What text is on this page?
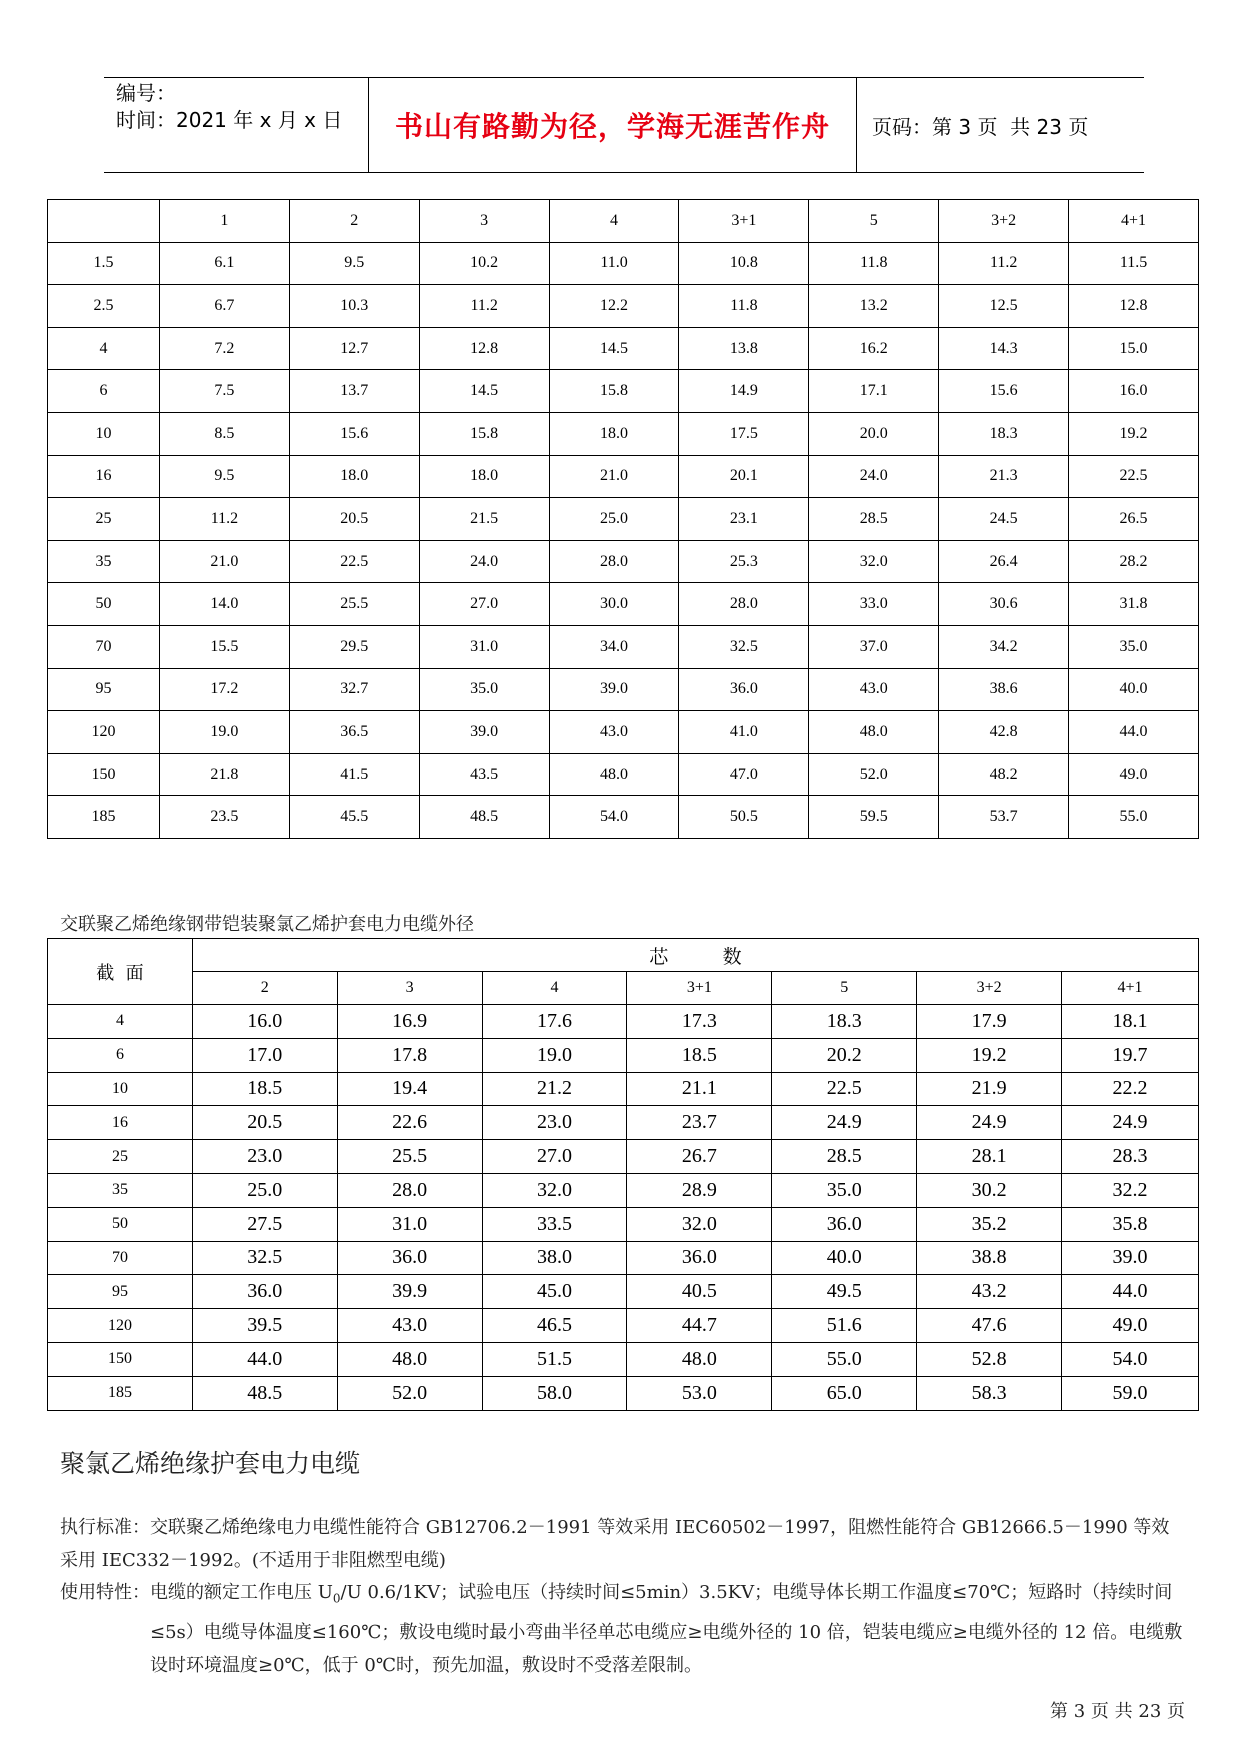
编号：
时间：2021 年 x 月 x 日	书山有路勤为径，学海无涯苦作舟	页码：第 3 页  共 23 页
	1	2	3	4	3+1	5	3+2	4+1
1.5	6.1	9.5	10.2	11.0	10.8	11.8	11.2	11.5
2.5	6.7	10.3	11.2	12.2	11.8	13.2	12.5	12.8
4	7.2	12.7	12.8	14.5	13.8	16.2	14.3	15.0
6	7.5	13.7	14.5	15.8	14.9	17.1	15.6	16.0
10	8.5	15.6	15.8	18.0	17.5	20.0	18.3	19.2
16	9.5	18.0	18.0	21.0	20.1	24.0	21.3	22.5
25	11.2	20.5	21.5	25.0	23.1	28.5	24.5	26.5
35	21.0	22.5	24.0	28.0	25.3	32.0	26.4	28.2
50	14.0	25.5	27.0	30.0	28.0	33.0	30.6	31.8
70	15.5	29.5	31.0	34.0	32.5	37.0	34.2	35.0
95	17.2	32.7	35.0	39.0	36.0	43.0	38.6	40.0
120	19.0	36.5	39.0	43.0	41.0	48.0	42.8	44.0
150	21.8	41.5	43.5	48.0	47.0	52.0	48.2	49.0
185	23.5	45.5	48.5	54.0	50.5	59.5	53.7	55.0
交联聚乙烯绝缘钢带铠装聚氯乙烯护套电力电缆外径
截  面	芯         数						
	2	3	4	3+1	5	3+2	4+1
4	16.0	16.9	17.6	17.3	18.3	17.9	18.1
6	17.0	17.8	19.0	18.5	20.2	19.2	19.7
10	18.5	19.4	21.2	21.1	22.5	21.9	22.2
16	20.5	22.6	23.0	23.7	24.9	24.9	24.9
25	23.0	25.5	27.0	26.7	28.5	28.1	28.3
35	25.0	28.0	32.0	28.9	35.0	30.2	32.2
50	27.5	31.0	33.5	32.0	36.0	35.2	35.8
70	32.5	36.0	38.0	36.0	40.0	38.8	39.0
95	36.0	39.9	45.0	40.5	49.5	43.2	44.0
120	39.5	43.0	46.5	44.7	51.6	47.6	49.0
150	44.0	48.0	51.5	48.0	55.0	52.8	54.0
185	48.5	52.0	58.0	53.0	65.0	58.3	59.0
聚氯乙烯绝缘护套电力电缆
执行标准：交联聚乙烯绝缘电力电缆性能符合 GB12706.2－1991 等效采用 IEC60502－1997，阻燃性能符合 GB12666.5－1990 等效采用 IEC332－1992。(不适用于非阻燃型电缆)
使用特性： 电缆的额定工作电压 $U_0/U$ 0.6/1KV；试验电压（持续时间≤5min）3.5KV；电缆导体长期工作温度≤70℃；短路时（持续时间≤5s）电缆导体温度≤160℃；敷设电缆时最小弯曲半径单芯电缆应≥电缆外径的 10 倍，铠装电缆应≥电缆外径的 12 倍。电缆敷设时环境温度≥0℃，低于 0℃时，预先加温，敷设时不受落差限制。
第 3 页 共 23 页
